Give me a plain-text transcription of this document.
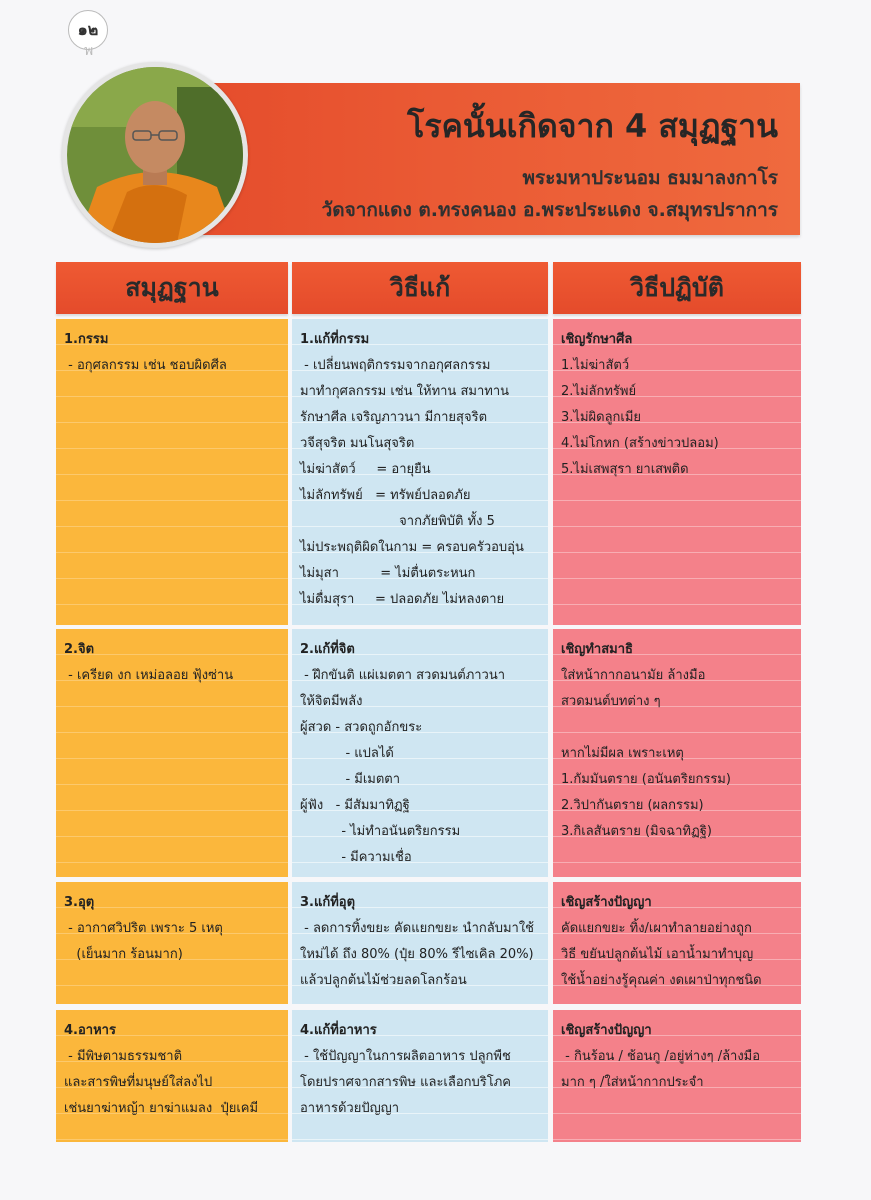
๑๒
พ
โรคนั้นเกิดจาก 4 สมุฏฐาน
พระมหาประนอม ธมมาลงกาโร
วัดจากแดง ต.ทรงคนอง อ.พระประแดง จ.สมุทรปราการ
สมุฏฐาน	วิธีแก้	วิธีปฏิบัติ
1.กรรม
- อกุศลกรรม เช่น ชอบผิดศีล
1.แก้ที่กรรม
- เปลี่ยนพฤติกรรมจากอกุศลกรรม
มาทำกุศลกรรม เช่น ให้ทาน สมาทาน
รักษาศีล เจริญภาวนา มีกายสุจริต
วจีสุจริต มนโนสุจริต
ไม่ฆ่าสัตว์     = อายุยืน
ไม่ลักทรัพย์   = ทรัพย์ปลอดภัย
จากภัยพิบัติ ทั้ง 5
ไม่ประพฤติผิดในกาม = ครอบครัวอบอุ่น
ไม่มุสา          = ไม่ตื่นตระหนก
ไม่ดื่มสุรา     = ปลอดภัย ไม่หลงตาย
เชิญรักษาศีล
1.ไม่ฆ่าสัตว์
2.ไม่ลักทรัพย์
3.ไม่ผิดลูกเมีย
4.ไม่โกหก (สร้างข่าวปลอม)
5.ไม่เสพสุรา ยาเสพติด
2.จิต
- เครียด งก เหม่อลอย ฟุ้งซ่าน
2.แก้ที่จิต
- ฝึกขันติ แผ่เมตตา สวดมนต์ภาวนา
ให้จิตมีพลัง
ผู้สวด - สวดถูกอักขระ
- แปลได้
- มีเมตตา
ผู้ฟัง   - มีสัมมาทิฏฐิ
- ไม่ทำอนันตริยกรรม
- มีความเชื่อ
เชิญทำสมาธิ
ใส่หน้ากากอนามัย ล้างมือ
สวดมนต์บทต่าง ๆ

หากไม่มีผล เพราะเหตุ
1.กัมมันตราย (อนันตริยกรรม)
2.วิปากันตราย (ผลกรรม)
3.กิเลสันตราย (มิจฉาทิฏฐิ)
3.อุตุ
- อากาศวิปริต เพราะ 5 เหตุ
(เย็นมาก ร้อนมาก)
3.แก้ที่อุตุ
- ลดการทิ้งขยะ คัดแยกขยะ นำกลับมาใช้
ใหม่ได้ ถึง 80% (ปุ๋ย 80% รีไซเคิล 20%)
แล้วปลูกต้นไม้ช่วยลดโลกร้อน
เชิญสร้างปัญญา
คัดแยกขยะ ทิ้ง/เผาทำลายอย่างถูก
วิธี ขยันปลูกต้นไม้ เอาน้ำมาทำบุญ
ใช้น้ำอย่างรู้คุณค่า งดเผาป่าทุกชนิด
4.อาหาร
- มีพิษตามธรรมชาติ
และสารพิษที่มนุษย์ใส่ลงไป
เช่นยาฆ่าหญ้า ยาฆ่าแมลง  ปุ๋ยเคมี
4.แก้ที่อาหาร
- ใช้ปัญญาในการผลิตอาหาร ปลูกพืช
โดยปราศจากสารพิษ และเลือกบริโภค
อาหารด้วยปัญญา
เชิญสร้างปัญญา
- กินร้อน / ช้อนกู /อยู่ห่างๆ /ล้างมือ
มาก ๆ /ใส่หน้ากากประจำ
